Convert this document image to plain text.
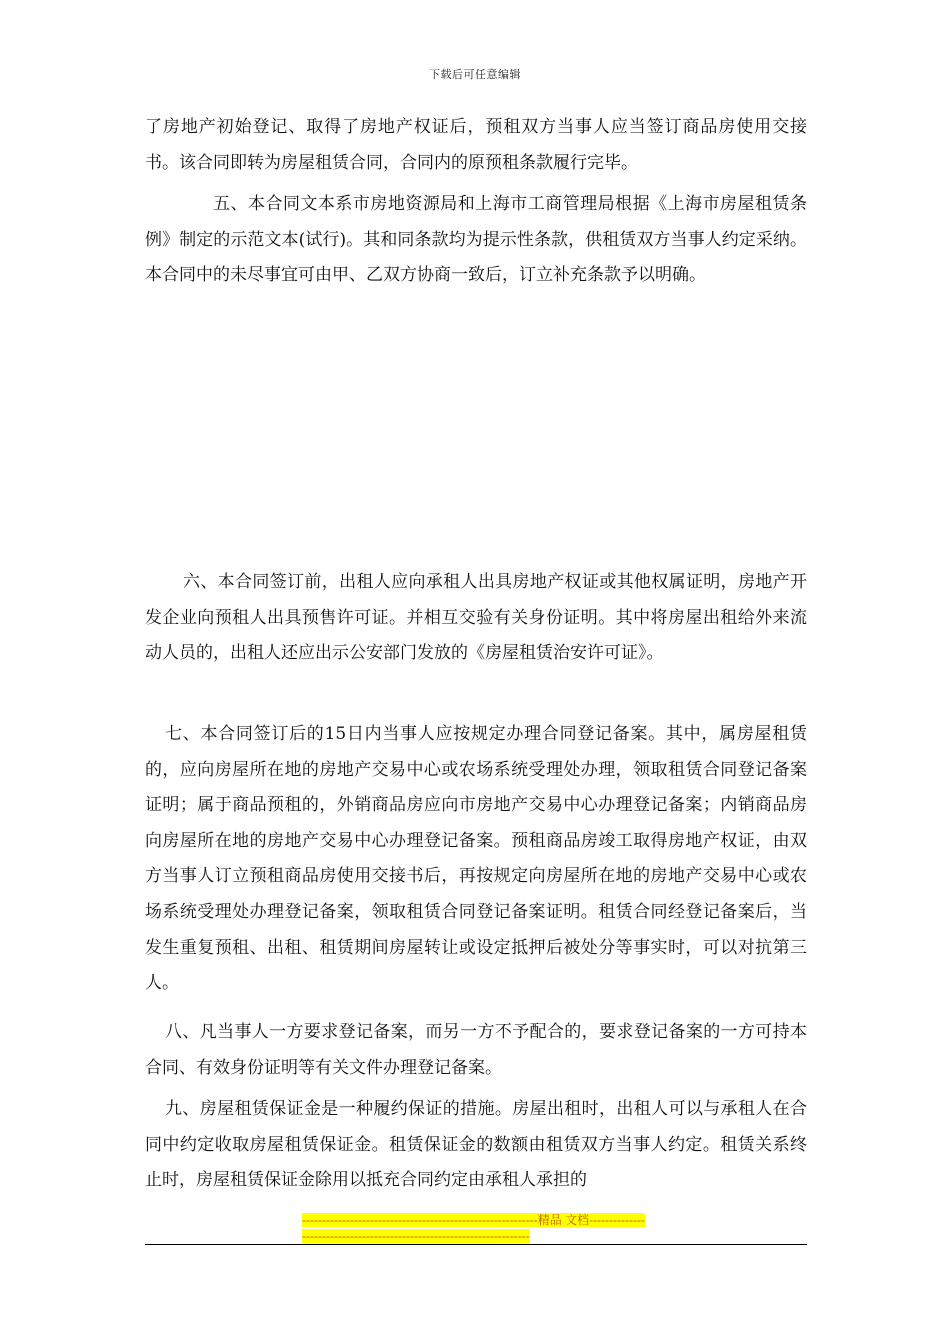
下载后可任意编辑

了房地产初始登记、取得了房地产权证后，预租双方当事人应当签订商品房使用交接书。该合同即转为房屋租赁合同，合同内的原预租条款履行完毕。

五、本合同文本系市房地资源局和上海市工商管理局根据《上海市房屋租赁条例》制定的示范文本(试行)。其和同条款均为提示性条款，供租赁双方当事人约定采纳。本合同中的未尽事宜可由甲、乙双方协商一致后，订立补充条款予以明确。

六、本合同签订前，出租人应向承租人出具房地产权证或其他权属证明，房地产开发企业向预租人出具预售许可证。并相互交验有关身份证明。其中将房屋出租给外来流动人员的，出租人还应出示公安部门发放的《房屋租赁治安许可证》。

七、本合同签订后的15日内当事人应按规定办理合同登记备案。其中，属房屋租赁的，应向房屋所在地的房地产交易中心或农场系统受理处办理，领取租赁合同登记备案证明；属于商品预租的，外销商品房应向市房地产交易中心办理登记备案；内销商品房向房屋所在地的房地产交易中心办理登记备案。预租商品房竣工取得房地产权证，由双方当事人订立预租商品房使用交接书后，再按规定向房屋所在地的房地产交易中心或农场系统受理处办理登记备案，领取租赁合同登记备案证明。租赁合同经登记备案后，当发生重复预租、出租、租赁期间房屋转让或设定抵押后被处分等事实时，可以对抗第三人。

八、凡当事人一方要求登记备案，而另一方不予配合的，要求登记备案的一方可持本合同、有效身份证明等有关文件办理登记备案。

九、房屋租赁保证金是一种履约保证的措施。房屋出租时，出租人可以与承租人在合同中约定收取房屋租赁保证金。租赁保证金的数额由租赁双方当事人约定。租赁关系终止时，房屋租赁保证金除用以抵充合同约定由承租人承担的

-----------------------------------------------------------精品 文档-----------------------------------------------------------------------
